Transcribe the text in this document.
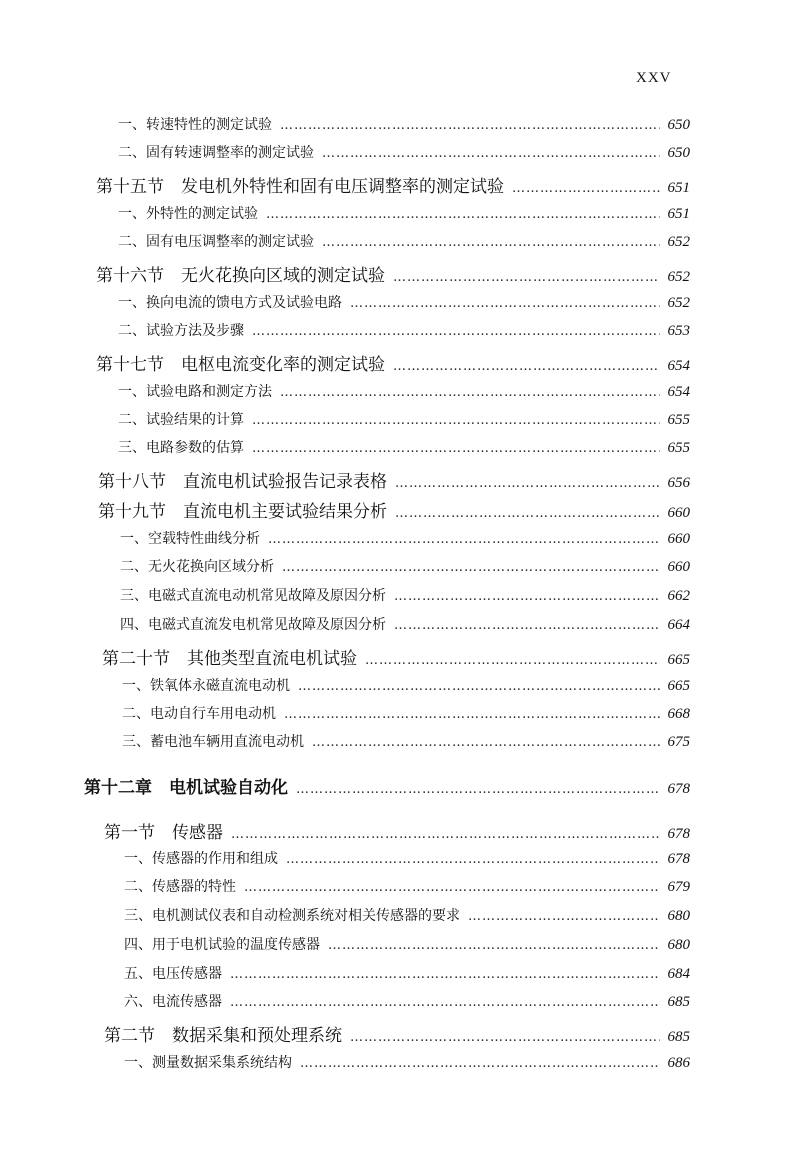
XXV
一、转速特性的测定试验 ……………………………………………………………………………………………………………………………………………………	650
二、固有转速调整率的测定试验 ……………………………………………………………………………………………………………………………………………………	650
第十五节　发电机外特性和固有电压调整率的测定试验 ……………………………………………………………………………………………………………………………………………………	651
一、外特性的测定试验 ……………………………………………………………………………………………………………………………………………………	651
二、固有电压调整率的测定试验 ……………………………………………………………………………………………………………………………………………………	652
第十六节　无火花换向区域的测定试验 ……………………………………………………………………………………………………………………………………………………	652
一、换向电流的馈电方式及试验电路 ……………………………………………………………………………………………………………………………………………………	652
二、试验方法及步骤 ……………………………………………………………………………………………………………………………………………………	653
第十七节　电枢电流变化率的测定试验 ……………………………………………………………………………………………………………………………………………………	654
一、试验电路和测定方法 ……………………………………………………………………………………………………………………………………………………	654
二、试验结果的计算 ……………………………………………………………………………………………………………………………………………………	655
三、电路参数的估算 ……………………………………………………………………………………………………………………………………………………	655
第十八节　直流电机试验报告记录表格 ……………………………………………………………………………………………………………………………………………………	656
第十九节　直流电机主要试验结果分析 ……………………………………………………………………………………………………………………………………………………	660
一、空载特性曲线分析 ……………………………………………………………………………………………………………………………………………………	660
二、无火花换向区域分析 ……………………………………………………………………………………………………………………………………………………	660
三、电磁式直流电动机常见故障及原因分析 ……………………………………………………………………………………………………………………………………………………	662
四、电磁式直流发电机常见故障及原因分析 ……………………………………………………………………………………………………………………………………………………	664
第二十节　其他类型直流电机试验 ……………………………………………………………………………………………………………………………………………………	665
一、铁氧体永磁直流电动机 ……………………………………………………………………………………………………………………………………………………	665
二、电动自行车用电动机 ……………………………………………………………………………………………………………………………………………………	668
三、蓄电池车辆用直流电动机 ……………………………………………………………………………………………………………………………………………………	675
第十二章　电机试验自动化 ……………………………………………………………………………………………………………………………………………………	678
第一节　传感器 ……………………………………………………………………………………………………………………………………………………	678
一、传感器的作用和组成 ……………………………………………………………………………………………………………………………………………………	678
二、传感器的特性 ……………………………………………………………………………………………………………………………………………………	679
三、电机测试仪表和自动检测系统对相关传感器的要求 ……………………………………………………………………………………………………………………………………………………	680
四、用于电机试验的温度传感器 ……………………………………………………………………………………………………………………………………………………	680
五、电压传感器 ……………………………………………………………………………………………………………………………………………………	684
六、电流传感器 ……………………………………………………………………………………………………………………………………………………	685
第二节　数据采集和预处理系统 ……………………………………………………………………………………………………………………………………………………	685
一、测量数据采集系统结构 ……………………………………………………………………………………………………………………………………………………	686
